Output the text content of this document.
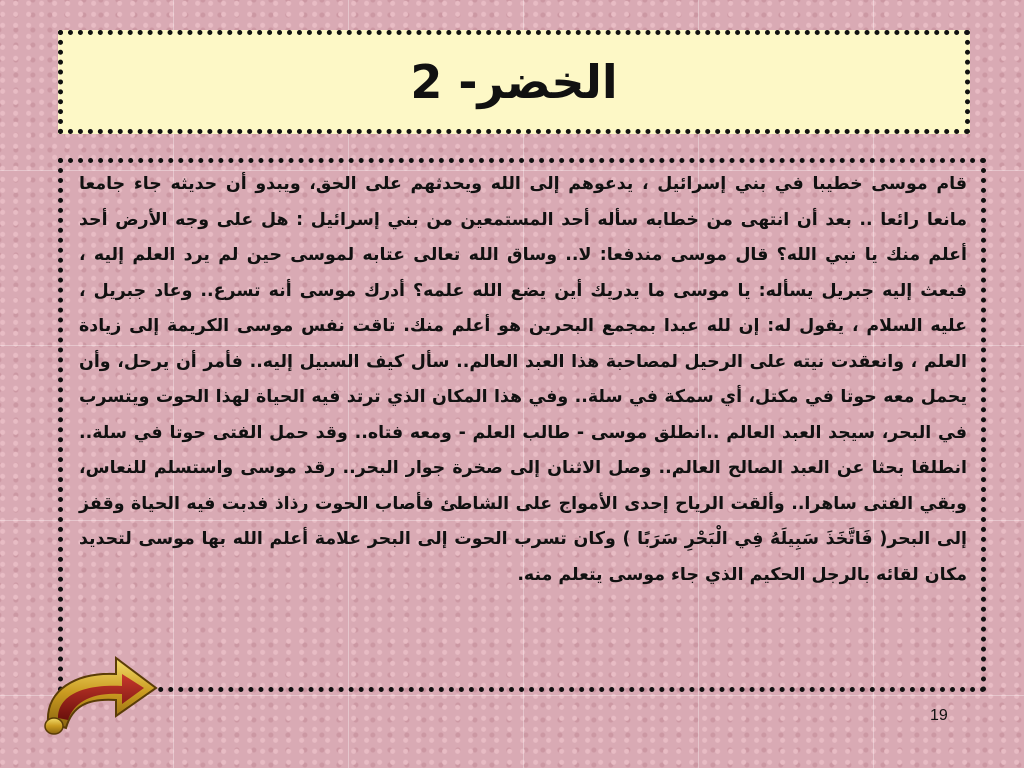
الخضر- 2

قام موسى خطيبا في بني إسرائيل ، يدعوهم إلى الله ويحدثهم على الحق، ويبدو أن حديثه جاء جامعا مانعا رائعا .. بعد أن انتهى من خطابه سأله أحد المستمعين من بني إسرائيل : هل على وجه الأرض أحد أعلم منك يا نبي الله؟ قال موسى مندفعا: لا.. وساق الله تعالى عتابه لموسى حين لم يرد العلم إليه ، فبعث إليه جبريل يسأله: يا موسى ما يدريك أين يضع الله علمه؟ أدرك موسى أنه تسرع.. وعاد جبريل ، عليه السلام ، يقول له: إن لله عبدا بمجمع البحرين هو أعلم منك. تاقت نفس موسى الكريمة إلى زيادة العلم ، وانعقدت نيته على الرحيل لمصاحبة هذا العبد العالم.. سأل كيف السبيل إليه.. فأمر أن يرحل، وأن يحمل معه حوتا في مكتل، أي سمكة في سلة.. وفي هذا المكان الذي ترتد فيه الحياة لهذا الحوت ويتسرب في البحر، سيجد العبد العالم ..انطلق موسى - طالب العلم - ومعه فتاه.. وقد حمل الفتى حوتا في سلة.. انطلقا بحثا عن العبد الصالح العالم.. وصل الاثنان إلى صخرة جوار البحر.. رقد موسى واستسلم للنعاس، وبقي الفتى ساهرا.. وألقت الرياح إحدى الأمواج على الشاطئ فأصاب الحوت رذاذ فدبت فيه الحياة وقفز إلى البحر( فَاتَّخَذَ سَبِيلَهُ فِي الْبَحْرِ سَرَبًا ) وكان تسرب الحوت إلى البحر علامة أعلم الله بها موسى لتحديد مكان لقائه بالرجل الحكيم الذي جاء موسى يتعلم منه.

19
